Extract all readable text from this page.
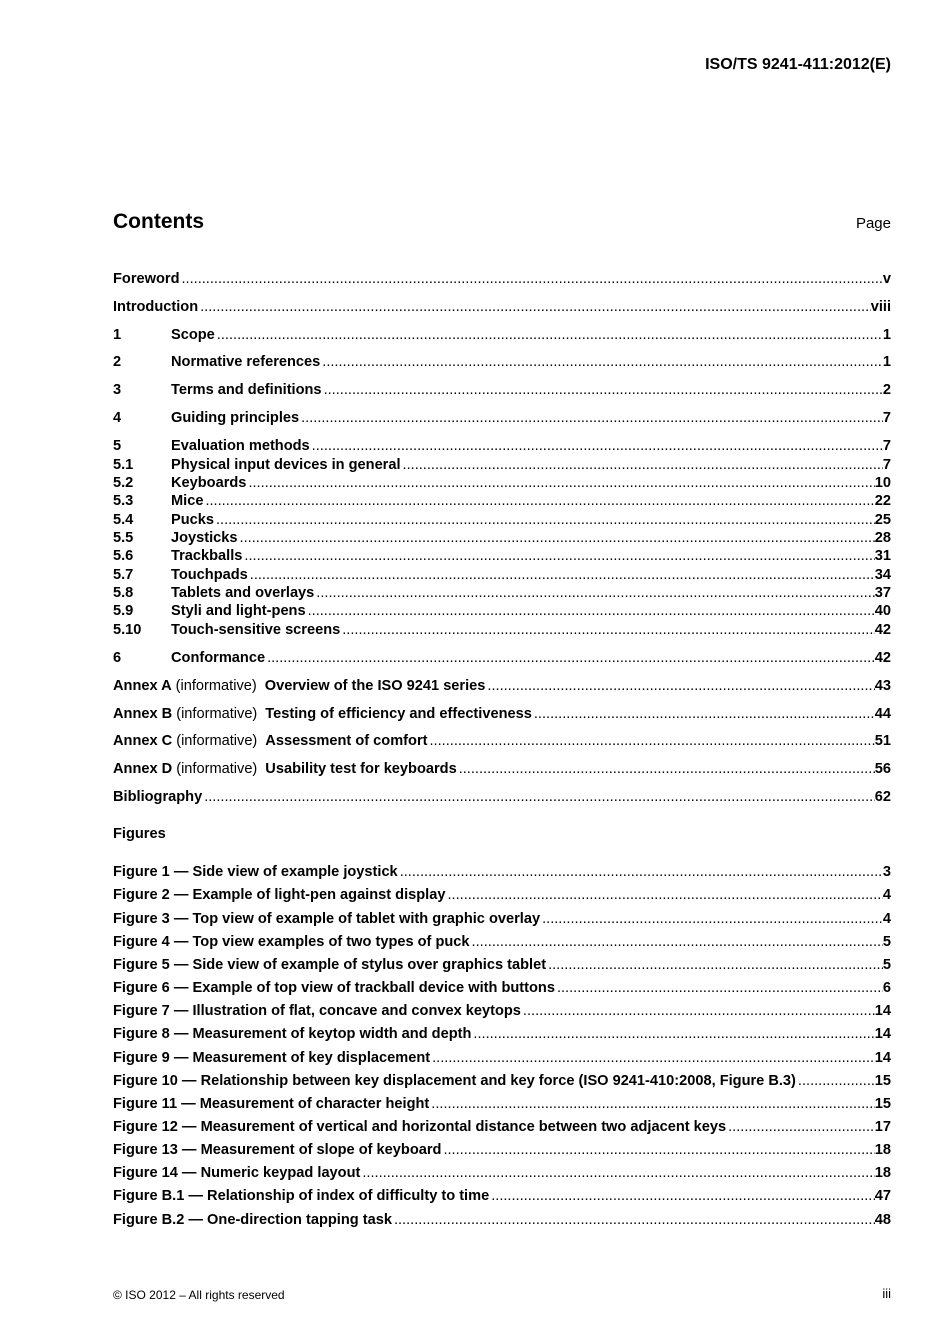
ISO/TS 9241-411:2012(E)
Contents	Page
Foreword .....	v
Introduction .....	viii
1	Scope .....	1
2	Normative references .....	1
3	Terms and definitions .....	2
4	Guiding principles .....	7
5	Evaluation methods .....	7
5.1	Physical input devices in general .....	7
5.2	Keyboards .....	10
5.3	Mice .....	22
5.4	Pucks .....	25
5.5	Joysticks .....	28
5.6	Trackballs .....	31
5.7	Touchpads .....	34
5.8	Tablets and overlays .....	37
5.9	Styli and light-pens .....	40
5.10	Touch-sensitive screens .....	42
6	Conformance .....	42
Annex A (informative) Overview of the ISO 9241 series .....	43
Annex B (informative) Testing of efficiency and effectiveness .....	44
Annex C (informative) Assessment of comfort .....	51
Annex D (informative) Usability test for keyboards .....	56
Bibliography .....	62
Figures
Figure 1 — Side view of example joystick .....	3
Figure 2 — Example of light-pen against display .....	4
Figure 3 — Top view of example of tablet with graphic overlay .....	4
Figure 4 — Top view examples of two types of puck .....	5
Figure 5 — Side view of example of stylus over graphics tablet .....	5
Figure 6 — Example of top view of trackball device with buttons .....	6
Figure 7 — Illustration of flat, concave and convex keytops .....	14
Figure 8 — Measurement of keytop width and depth .....	14
Figure 9 — Measurement of key displacement .....	14
Figure 10 — Relationship between key displacement and key force (ISO 9241-410:2008, Figure B.3) .....	15
Figure 11 — Measurement of character height .....	15
Figure 12 — Measurement of vertical and horizontal distance between two adjacent keys .....	17
Figure 13 — Measurement of slope of keyboard .....	18
Figure 14 — Numeric keypad layout .....	18
Figure B.1 — Relationship of index of difficulty to time .....	47
Figure B.2 — One-direction tapping task .....	48
© ISO 2012 – All rights reserved	iii
